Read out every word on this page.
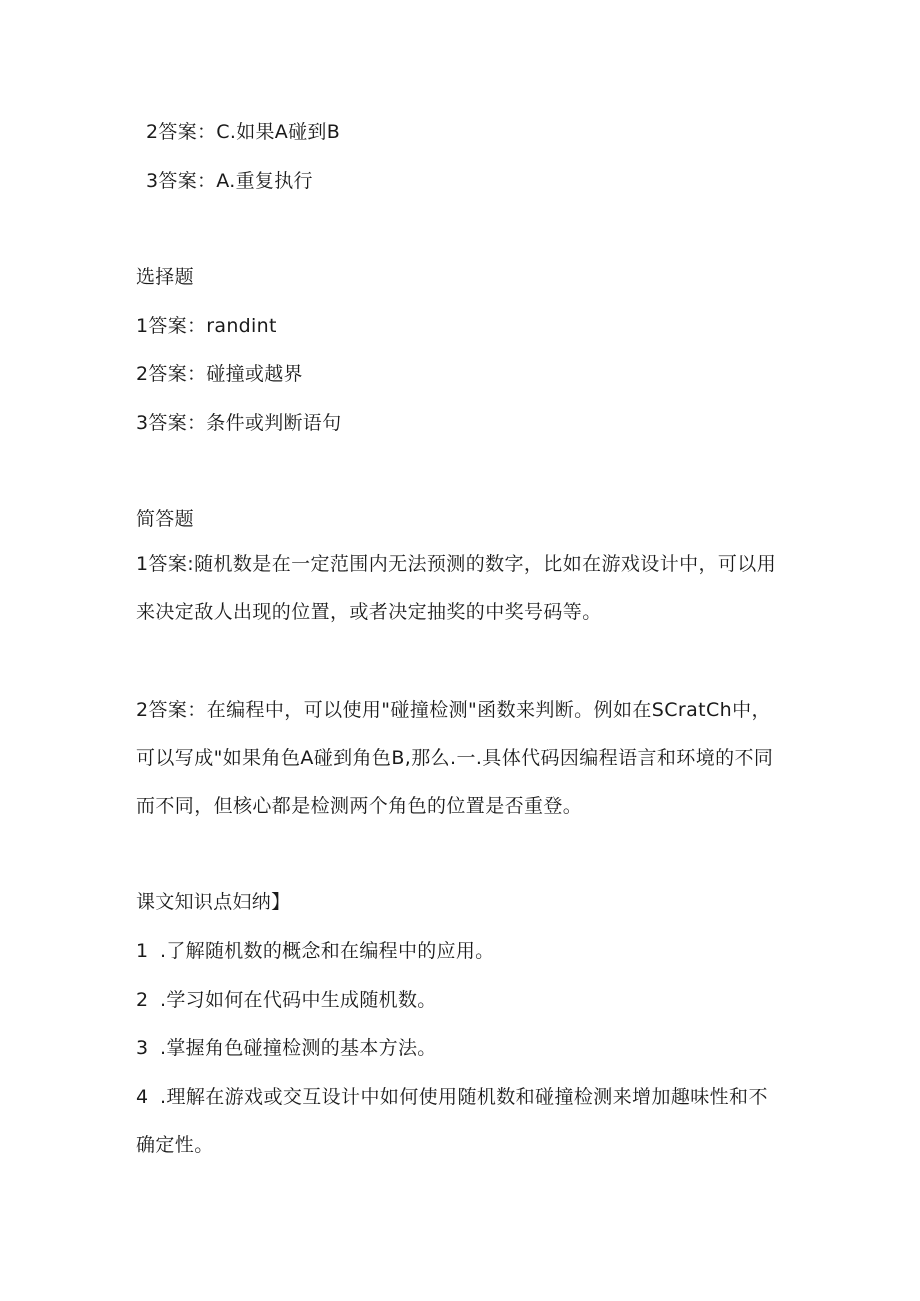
2答案：C.如果A碰到B
3答案：A.重复执行
选择题
1答案：randint
2答案：碰撞或越界
3答案：条件或判断语句
简答题
1答案:随机数是在一定范围内无法预测的数字，比如在游戏设计中，可以用来决定敌人出现的位置，或者决定抽奖的中奖号码等。
2答案：在编程中，可以使用"碰撞检测"函数来判断。例如在SCratCh中，可以写成"如果角色A碰到角色B,那么.一.具体代码因编程语言和环境的不同而不同，但核心都是检测两个角色的位置是否重登。
课文知识点妇纳】
1 .了解随机数的概念和在编程中的应用。
2 .学习如何在代码中生成随机数。
3 .掌握角色碰撞检测的基本方法。
4 .理解在游戏或交互设计中如何使用随机数和碰撞检测来增加趣味性和不确定性。
